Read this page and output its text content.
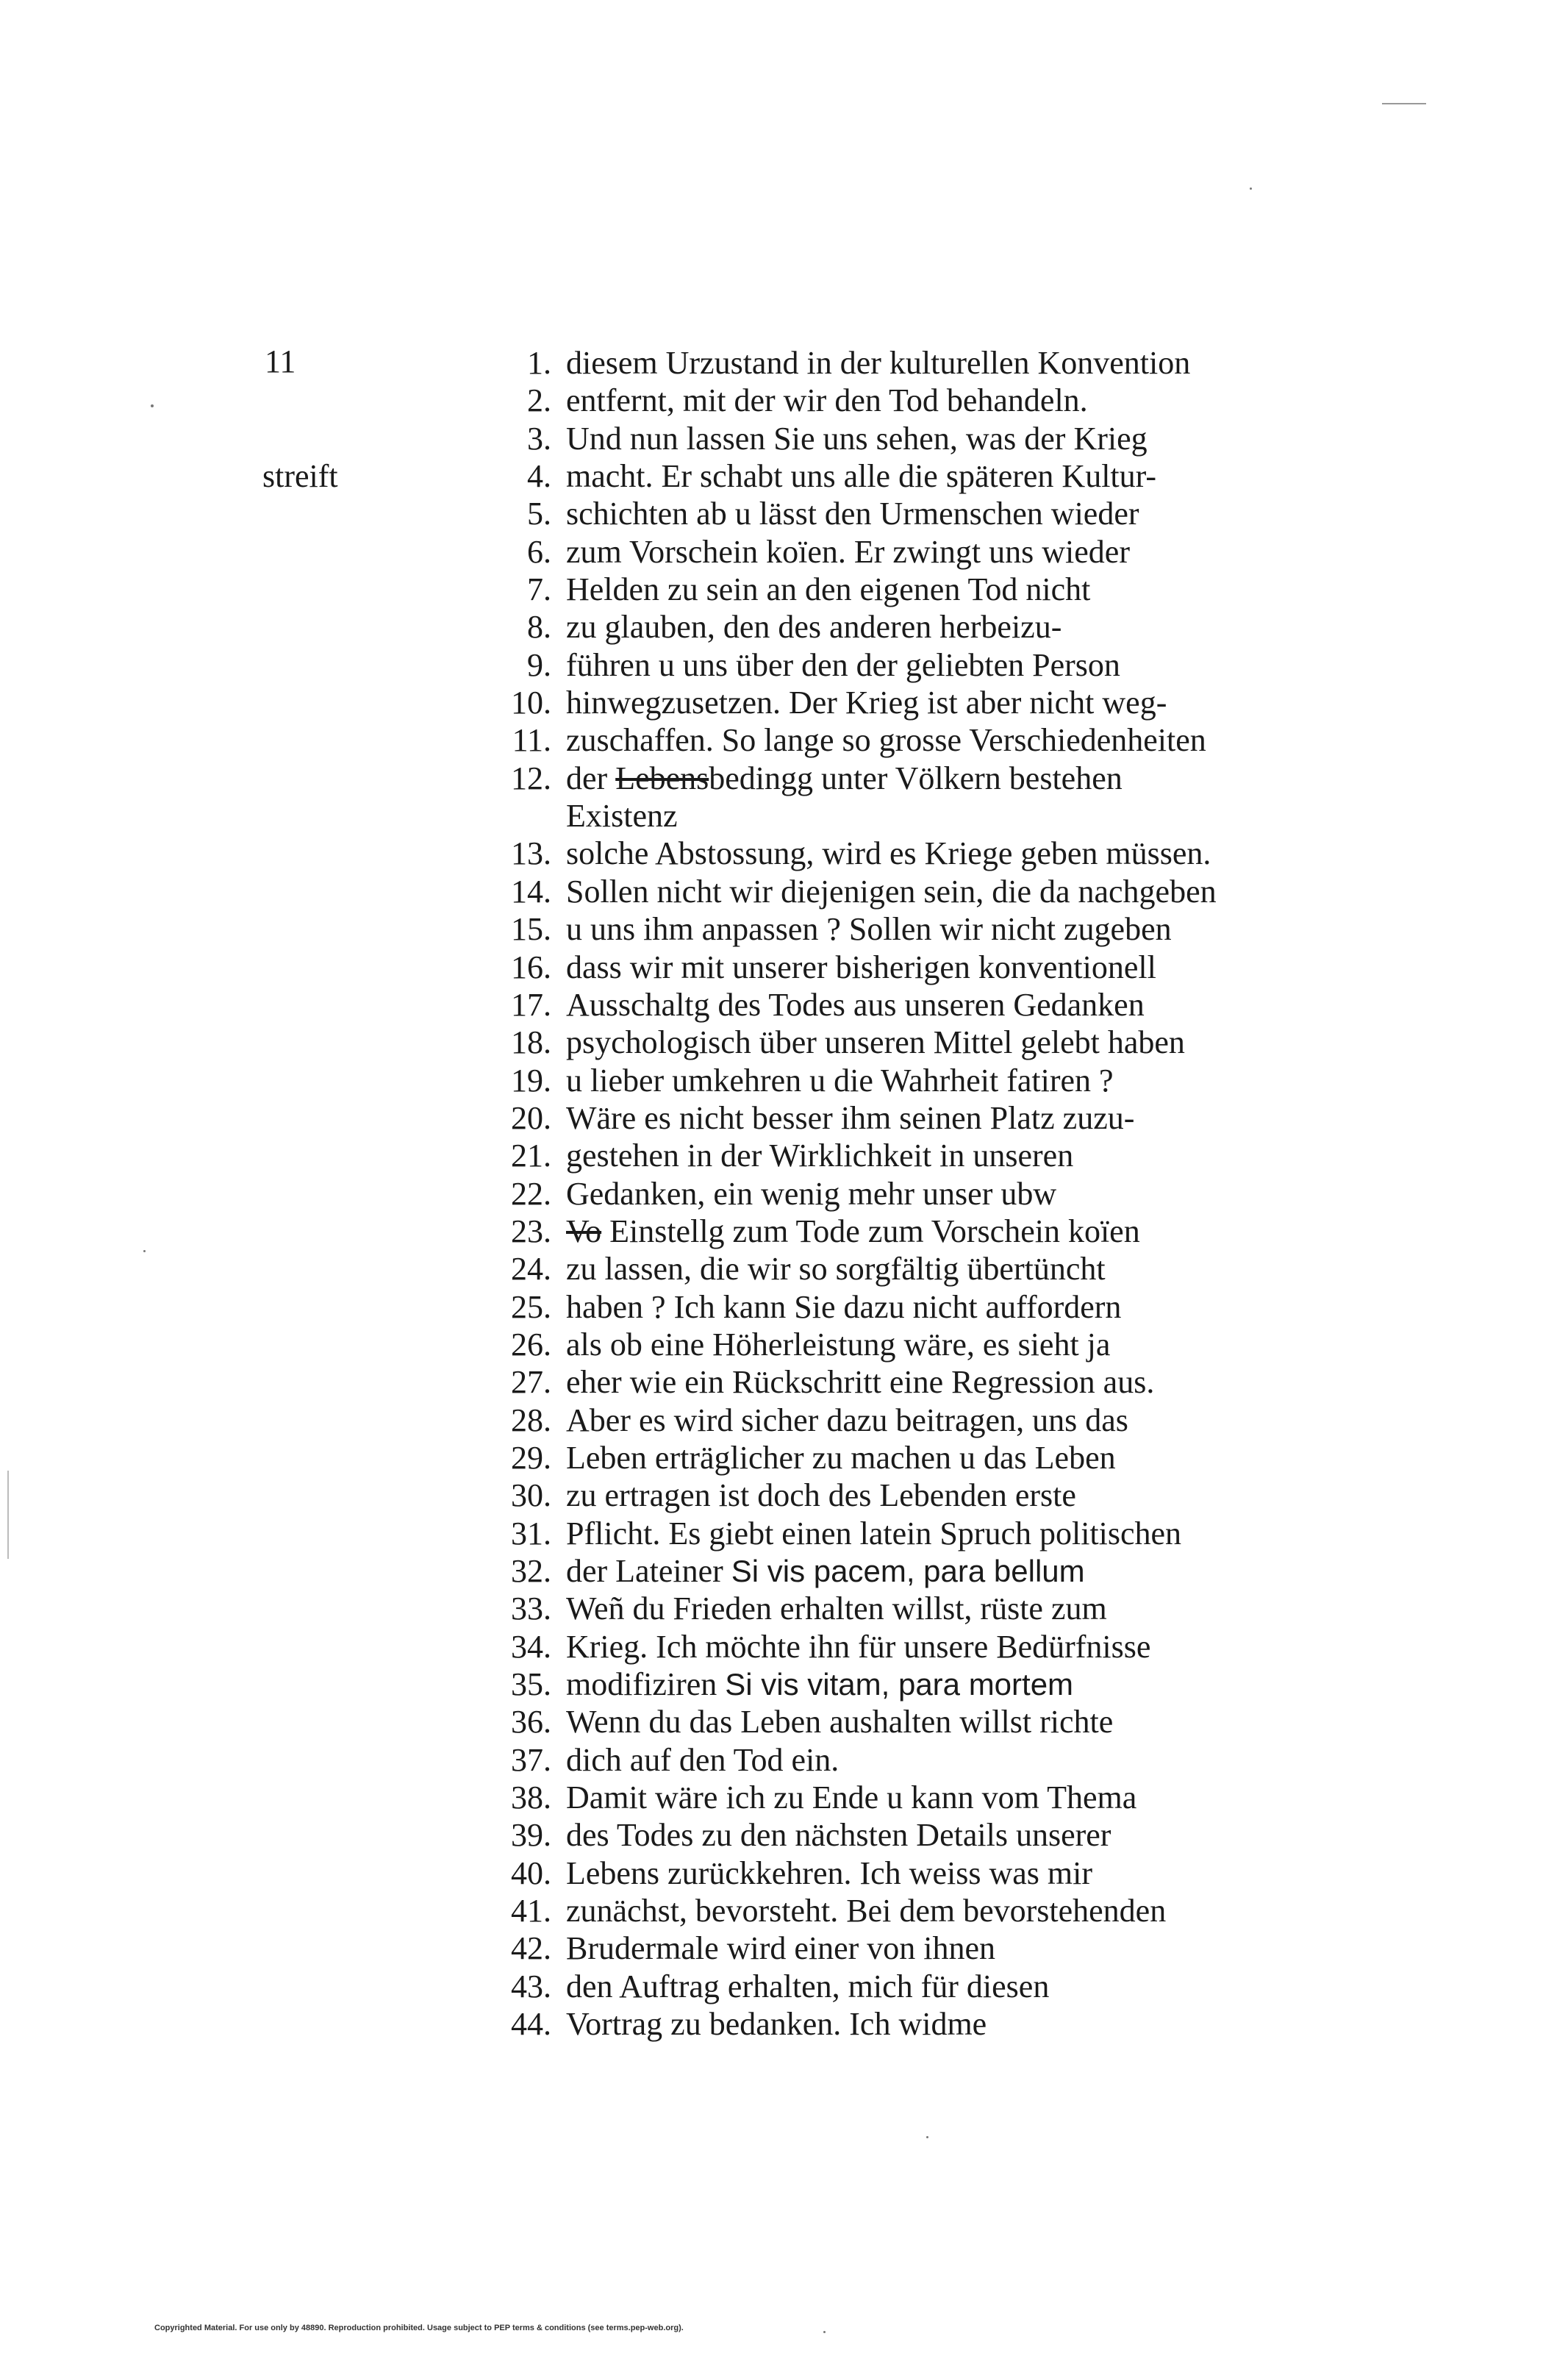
11
streift
1. diesem Urzustand in der kulturellen Konvention
2. entfernt, mit der wir den Tod behandeln.
3. Und nun lassen Sie uns sehen, was der Krieg
4. macht. Er schabt uns alle die späteren Kultur-
5. schichten ab u lässt den Urmenschen wieder
6. zum Vorschein koïen. Er zwingt uns wieder
7. Helden zu sein an den eigenen Tod nicht
8. zu glauben, den des anderen herbeizu-
9. führen u uns über den der geliebten Person
10. hinwegzusetzen. Der Krieg ist aber nicht weg-
11. zuschaffen. So lange so grosse Verschiedenheiten
12. der Lebensbedingg unter Völkern bestehen
Existenz
13. solche Abstossung, wird es Kriege geben müssen.
14. Sollen nicht wir diejenigen sein, die da nachgeben
15. u uns ihm anpassen ? Sollen wir nicht zugeben
16. dass wir mit unserer bisherigen konventionell
17. Ausschaltg des Todes aus unseren Gedanken
18. psychologisch über unseren Mittel gelebt haben
19. u lieber umkehren u die Wahrheit fatiren ?
20. Wäre es nicht besser ihm seinen Platz zuzu-
21. gestehen in der Wirklichkeit in unseren
22. Gedanken, ein wenig mehr unser ubw
23. Vo Einstellg zum Tode zum Vorschein koïen
24. zu lassen, die wir so sorgfältig übertüncht
25. haben ? Ich kann Sie dazu nicht auffordern
26. als ob eine Höherleistung wäre, es sieht ja
27. eher wie ein Rückschritt eine Regression aus.
28. Aber es wird sicher dazu beitragen, uns das
29. Leben erträglicher zu machen u das Leben
30. zu ertragen ist doch des Lebenden erste
31. Pflicht. Es giebt einen latein Spruch politischen
32. der Lateiner Si vis pacem, para bellum
33. Weñ du Frieden erhalten willst, rüste zum
34. Krieg. Ich möchte ihn für unsere Bedürfnisse
35. modifiziren Si vis vitam, para mortem
36. Wenn du das Leben aushalten willst richte
37. dich auf den Tod ein.
38. Damit wäre ich zu Ende u kann vom Thema
39. des Todes zu den nächsten Details unserer
40. Lebens zurückkehren. Ich weiss was mir
41. zunächst, bevorsteht. Bei dem bevorstehenden
42. Brudermale wird einer von ihnen
43. den Auftrag erhalten, mich für diesen
44. Vortrag zu bedanken. Ich widme
Copyrighted Material. For use only by 48890. Reproduction prohibited. Usage subject to PEP terms & conditions (see terms.pep-web.org).
